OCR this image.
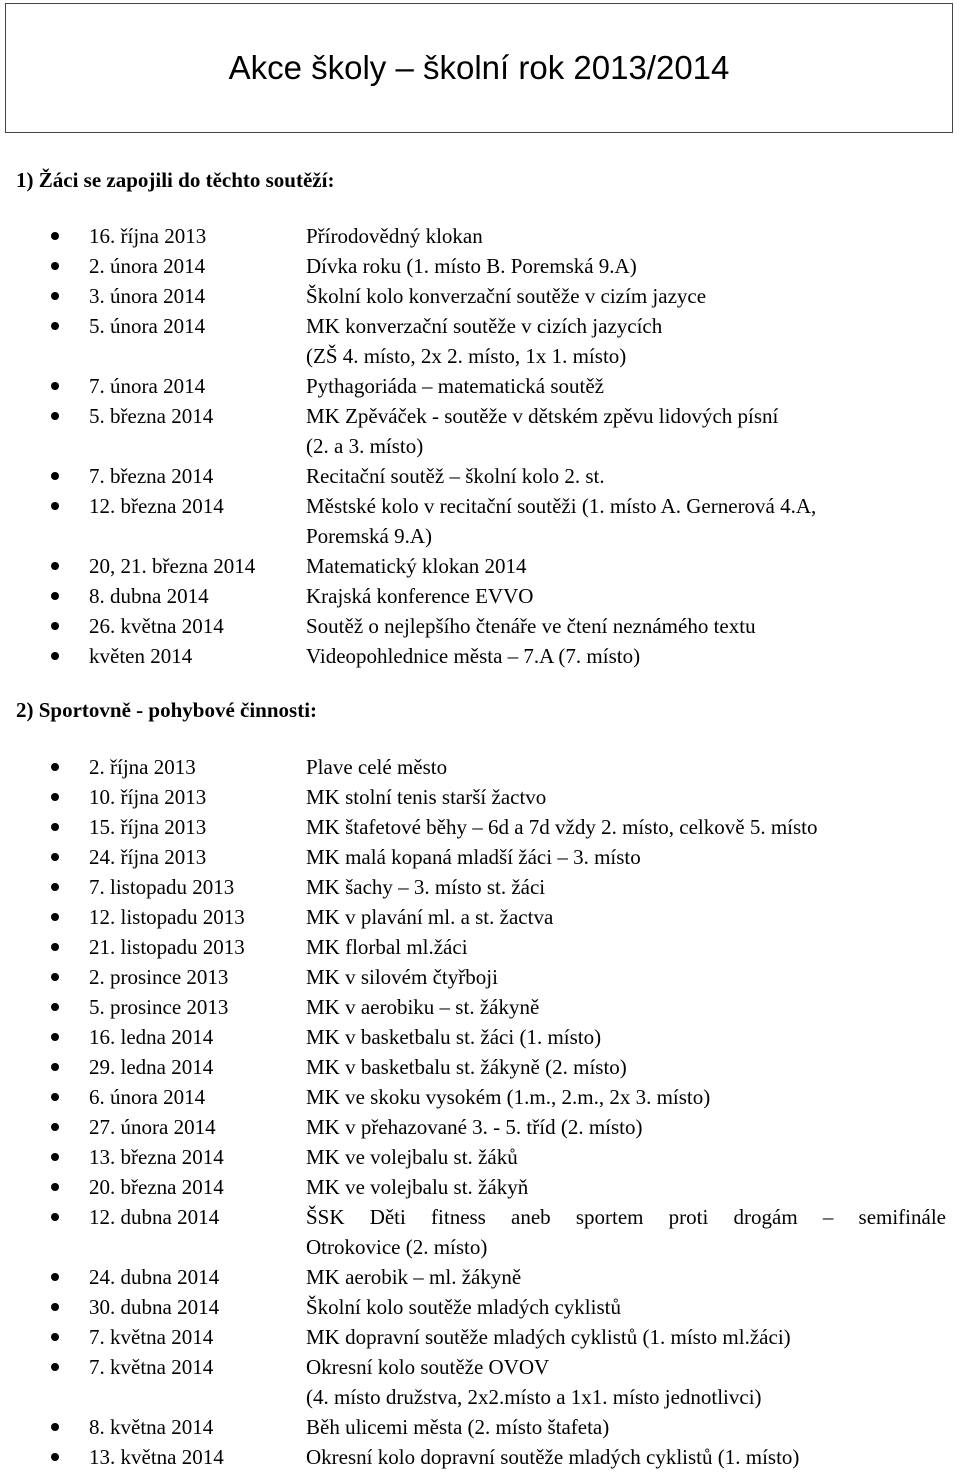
Akce školy – školní rok 2013/2014
1) Žáci se zapojili do těchto soutěží:
16. října 2013	Přírodovědný klokan
2. února 2014	Dívka roku (1. místo B. Poremská 9.A)
3. února 2014	Školní kolo konverzační soutěže v cizím jazyce
5. února 2014	MK konverzační soutěže v cizích jazycích
(ZŠ 4. místo, 2x 2. místo, 1x 1. místo)
7. února 2014	Pythagoriáda – matematická soutěž
5. března 2014	MK Zpěváček - soutěže v dětském zpěvu lidových písní
(2. a 3. místo)
7. března 2014	Recitační soutěž – školní kolo 2. st.
12. března 2014	Městské kolo v recitační soutěži (1. místo A. Gernerová 4.A,
Poremská 9.A)
20, 21. března 2014 Matematický klokan 2014
8. dubna 2014	Krajská konference EVVO
26. května 2014	Soutěž o nejlepšího čtenáře ve čtení neznámého textu
květen 2014	Videopohlednice města – 7.A (7. místo)
2) Sportovně - pohybové činnosti:
2. října 2013	Plave celé město
10. října 2013	MK stolní tenis starší žactvo
15. října 2013	MK štafetové běhy – 6d a 7d vždy 2. místo, celkově 5. místo
24. října 2013	MK malá kopaná mladší žáci – 3. místo
7. listopadu 2013	MK šachy – 3. místo st. žáci
12. listopadu 2013	MK v plavání ml. a st. žactva
21. listopadu 2013	MK florbal ml.žáci
2. prosince 2013	MK v silovém čtyřboji
5. prosince 2013	MK v aerobiku – st. žákyně
16. ledna 2014	MK v basketbalu st. žáci (1. místo)
29. ledna 2014	MK v basketbalu st. žákyně (2. místo)
6. února 2014	MK ve skoku vysokém (1.m., 2.m., 2x 3. místo)
27. února 2014	MK v přehazované 3. - 5. tříd (2. místo)
13. března 2014	MK ve volejbalu st. žáků
20. března 2014	MK ve volejbalu st. žákyň
12. dubna 2014	ŠSK Děti fitness aneb sportem proti drogám – semifinále
Otrokovice (2. místo)
24. dubna 2014	MK aerobik – ml. žákyně
30. dubna 2014	Školní kolo soutěže mladých cyklistů
7. května 2014	MK dopravní soutěže mladých cyklistů (1. místo ml.žáci)
7. května 2014	Okresní kolo soutěže OVOV
(4. místo družstva, 2x2.místo a 1x1. místo jednotlivci)
8. května 2014	Běh ulicemi města (2. místo štafeta)
13. května 2014	Okresní kolo dopravní soutěže mladých cyklistů (1. místo)
